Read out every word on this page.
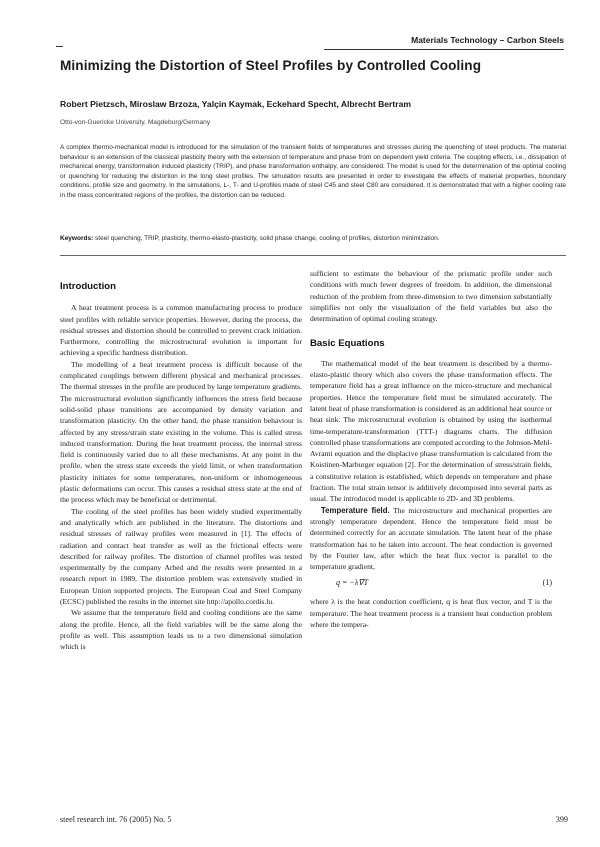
Materials Technology – Carbon Steels
Minimizing the Distortion of Steel Profiles by Controlled Cooling
Robert Pietzsch, Miroslaw Brzoza, Yalçin Kaymak, Eckehard Specht, Albrecht Bertram
Otto-von-Guericke University, Magdeburg/Germany

A complex thermo-mechanical model is introduced for the simulation of the transient fields of temperatures and stresses during the quenching of steel products. The material behaviour is an extension of the classical plasticity theory with the extension of temperature and phase from on dependent yield criteria. The coupling effects, i.e., dissipation of mechanical energy, transformation induced plasticity (TRIP), and phase transformation enthalpy, are considered. The model is used for the determination of the optimal cooling or quenching for reducing the distortion in the long steel profiles. The simulation results are presented in order to investigate the effects of material properties, boundary conditions, profile size and geometry. In the simulations, L-, T- and U-profiles made of steel C45 and steel C80 are considered. It is demonstrated that with a higher cooling rate in the mass concentrated regions of the profiles, the distortion can be reduced.

Keywords: steel quenching, TRIP, plasticity, thermo-elasto-plasticity, solid phase change, cooling of profiles, distortion minimization.
Introduction

A heat treatment process is a common manufacturing process to produce steel profiles with reliable service properties. However, during the process, the residual stresses and distortion should be controlled to prevent crack initiation. Furthermore, controlling the microstructural evolution is important for achieving a specific hardness distribution.

The modelling of a heat treatment process is difficult because of the complicated couplings between different physical and mechanical processes. The thermal stresses in the profile are produced by large temperature gradients. The microstructural evolution significantly influences the stress field because solid-solid phase transitions are accompanied by density variation and transformation plasticity. On the other hand, the phase transition behaviour is affected by any stress/strain state existing in the volume. This is called stress induced transformation. During the heat treatment process, the internal stress field is continuously varied due to all these mechanisms. At any point in the profile, when the stress state exceeds the yield limit, or when transformation plasticity initiates for some temperatures, non-uniform or inhomogeneous plastic deformations can occur. This causes a residual stress state at the end of the process which may be beneficial or detrimental.

The cooling of the steel profiles has been widely studied experimentally and analytically which are published in the literature. The distortions and residual stresses of railway profiles were measured in [1]. The effects of radiation and contact heat transfer as well as the frictional effects were described for railway profiles. The distortion of channel profiles was tested experimentally by the company Arbed and the results were presented in a research report in 1989. The distortion problem was extensively studied in European Union supported projects. The European Coal and Steel Company (ECSC) published the results in the internet site http://apollo.cordis.lu.

We assume that the temperature field and cooling conditions are the same along the profile. Hence, all the field variables will be the same along the profile as well. This assumption leads us to a two dimensional simulation which is

sufficient to estimate the behaviour of the prismatic profile under such conditions with much fewer degrees of freedom. In addition, the dimensional reduction of the problem from three-dimension to two dimension substantially simplifies not only the visualization of the field variables but also the determination of optimal cooling strategy.

Basic Equations

The mathematical model of the heat treatment is described by a thermo-elasto-plastic theory which also covers the phase transformation effects. The temperature field has a great influence on the micro-structure and mechanical properties. Hence the temperature field must be simulated accurately. The latent heat of phase transformation is considered as an additional heat source or heat sink. The microstructural evolution is obtained by using the isothermal time-temperature-transformation (TTT-) diagrams charts. The diffusion controlled phase transformations are computed according to the Johnson-Mehl-Avrami equation and the displacive phase transformation is calculated from the Koistinen-Marburger equation [2]. For the determination of stress/strain fields, a constitutive relation is established, which depends on temperature and phase fraction. The total strain tensor is additively decomposed into several parts as usual. The introduced model is applicable to 2D- and 3D problems.

Temperature field. The microstructure and mechanical properties are strongly temperature dependent. Hence the temperature field must be determined correctly for an accurate simulation. The latent heat of the phase transformation has to be taken into account. The heat conduction is governed by the Fourier law, after which the heat flux vector is parallel to the temperature gradient,

q = −λ∇T	(1)

where λ is the heat conduction coefficient, q is heat flux vector, and T is the temperature. The heat treatment process is a transient heat conduction problem where the tempera-

steel research int. 76 (2005) No. 5	399
